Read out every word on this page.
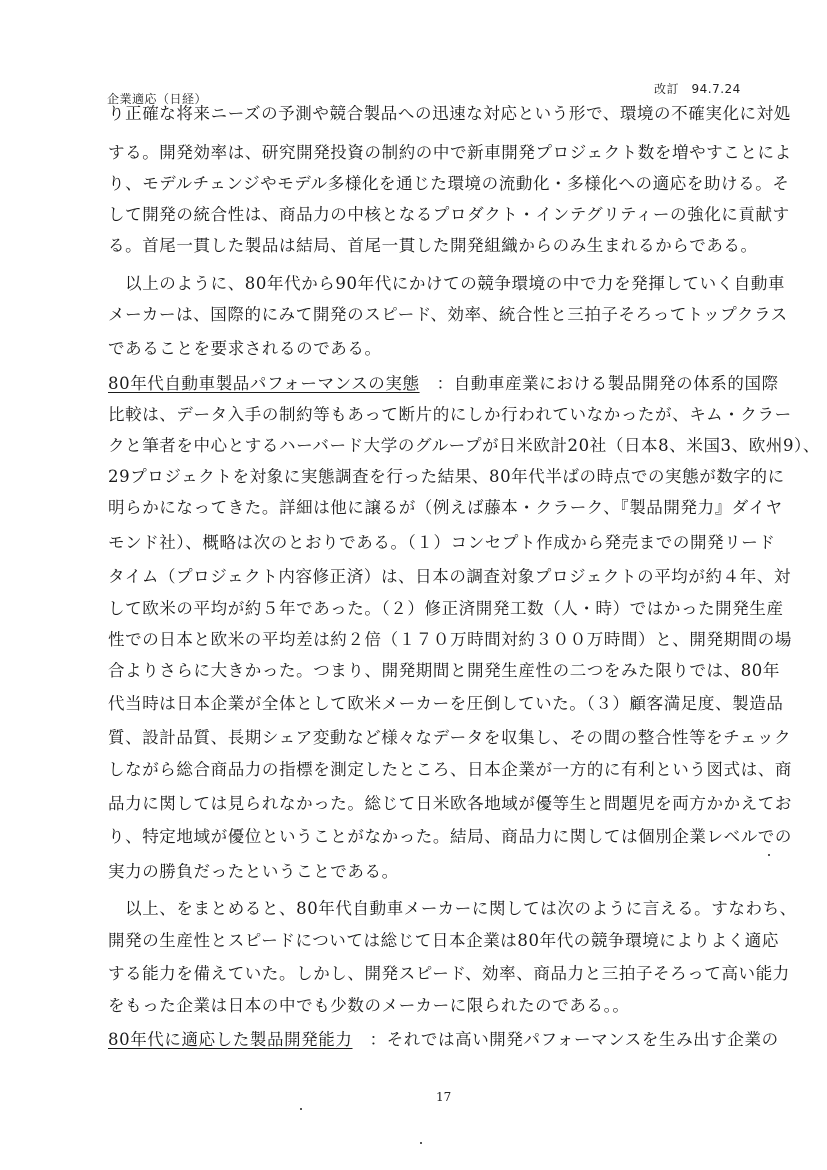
企業適応（日経）
改訂　94.7.24
り正確な将来ニーズの予測や競合製品への迅速な対応という形で、環境の不確実化に対処
する。開発効率は、研究開発投資の制約の中で新車開発プロジェクト数を増やすことによ
り、モデルチェンジやモデル多様化を通じた環境の流動化・多様化への適応を助ける。そ
して開発の統合性は、商品力の中核となるプロダクト・インテグリティーの強化に貢献す
る。首尾一貫した製品は結局、首尾一貫した開発組織からのみ生まれるからである。
　以上のように、80年代から90年代にかけての競争環境の中で力を発揮していく自動車
メーカーは、国際的にみて開発のスピード、効率、統合性と三拍子そろってトップクラス
であることを要求されるのである。
80年代自動車製品パフォーマンスの実態　：自動車産業における製品開発の体系的国際
比較は、データ入手の制約等もあって断片的にしか行われていなかったが、キム・クラー
クと筆者を中心とするハーバード大学のグループが日米欧計20社（日本8、米国3、欧州9）、
29プロジェクトを対象に実態調査を行った結果、80年代半ばの時点での実態が数字的に
明らかになってきた。詳細は他に譲るが（例えば藤本・クラーク、『製品開発力』ダイヤ
モンド社）、概略は次のとおりである。（１）コンセプト作成から発売までの開発リード
タイム（プロジェクト内容修正済）は、日本の調査対象プロジェクトの平均が約４年、対
して欧米の平均が約５年であった。（２）修正済開発工数（人・時）ではかった開発生産
性での日本と欧米の平均差は約２倍（１７０万時間対約３００万時間）と、開発期間の場
合よりさらに大きかった。つまり、開発期間と開発生産性の二つをみた限りでは、80年
代当時は日本企業が全体として欧米メーカーを圧倒していた。（３）顧客満足度、製造品
質、設計品質、長期シェア変動など様々なデータを収集し、その間の整合性等をチェック
しながら総合商品力の指標を測定したところ、日本企業が一方的に有利という図式は、商
品力に関しては見られなかった。総じて日米欧各地域が優等生と問題児を両方かかえてお
り、特定地域が優位ということがなかった。結局、商品力に関しては個別企業レベルでの
実力の勝負だったということである。
　以上、をまとめると、80年代自動車メーカーに関しては次のように言える。すなわち、
開発の生産性とスピードについては総じて日本企業は80年代の競争環境によりよく適応
する能力を備えていた。しかし、開発スピード、効率、商品力と三拍子そろって高い能力
をもった企業は日本の中でも少数のメーカーに限られたのである。。
80年代に適応した製品開発能力　：それでは高い開発パフォーマンスを生み出す企業の
17
